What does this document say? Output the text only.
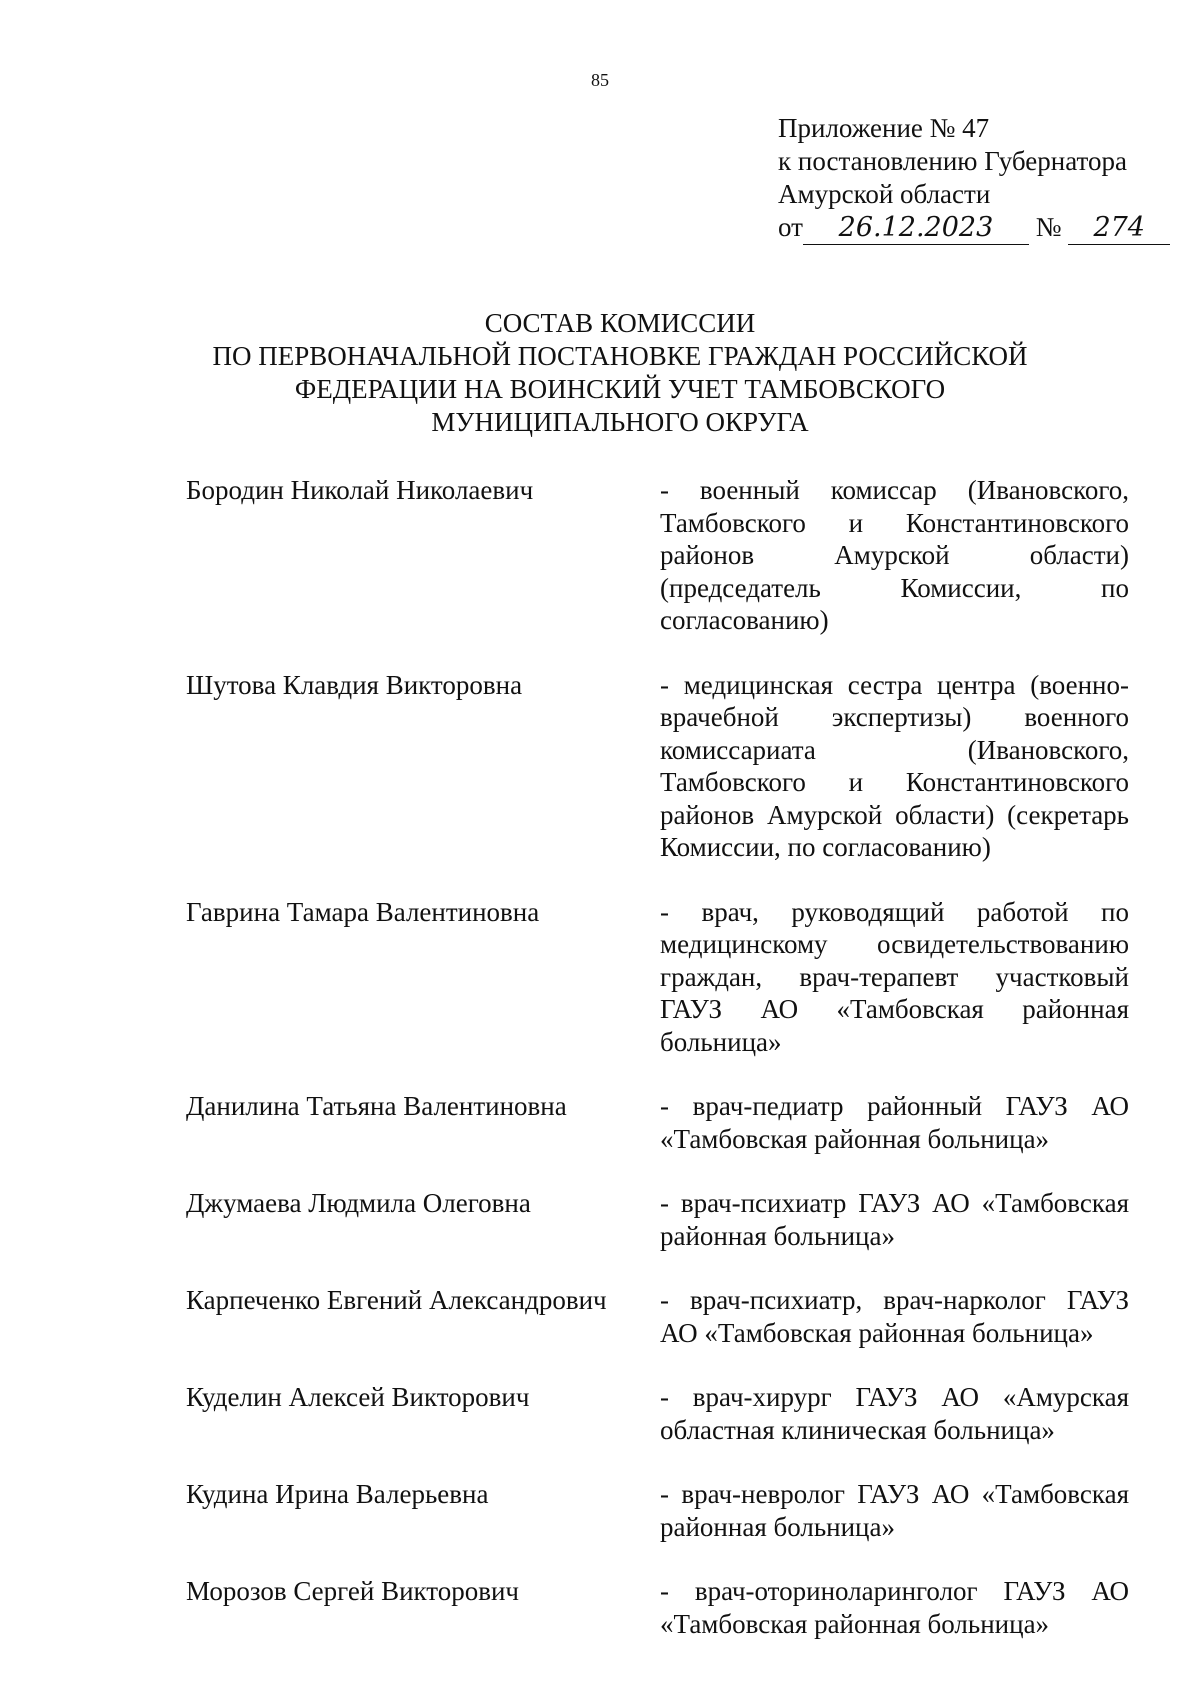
85
Приложение № 47
к постановлению Губернатора
Амурской области
от 26.12.2023 № 274
СОСТАВ КОМИССИИ
ПО ПЕРВОНАЧАЛЬНОЙ ПОСТАНОВКЕ ГРАЖДАН РОССИЙСКОЙ
ФЕДЕРАЦИИ НА ВОИНСКИЙ УЧЕТ ТАМБОВСКОГО
МУНИЦИПАЛЬНОГО ОКРУГА
Бородин Николай Николаевич	- военный комиссар (Ивановского, Тамбовского и Константиновского районов Амурской области) (председатель Комиссии, по согласованию)
Шутова Клавдия Викторовна	- медицинская сестра центра (военно-врачебной экспертизы) военного комиссариата (Ивановского, Тамбовского и Константиновского районов Амурской области) (секретарь Комиссии, по согласованию)
Гаврина Тамара Валентиновна	- врач, руководящий работой по медицинскому освидетельствованию граждан, врач-терапевт участковый ГАУЗ АО «Тамбовская районная больница»
Данилина Татьяна Валентиновна	- врач-педиатр районный ГАУЗ АО «Тамбовская районная больница»
Джумаева Людмила Олеговна	- врач-психиатр ГАУЗ АО «Тамбовская районная больница»
Карпеченко Евгений Александрович	- врач-психиатр, врач-нарколог ГАУЗ АО «Тамбовская районная больница»
Куделин Алексей Викторович	- врач-хирург ГАУЗ АО «Амурская областная клиническая больница»
Кудина Ирина Валерьевна	- врач-невролог ГАУЗ АО «Тамбовская районная больница»
Морозов Сергей Викторович	- врач-оториноларинголог ГАУЗ АО «Тамбовская районная больница»
